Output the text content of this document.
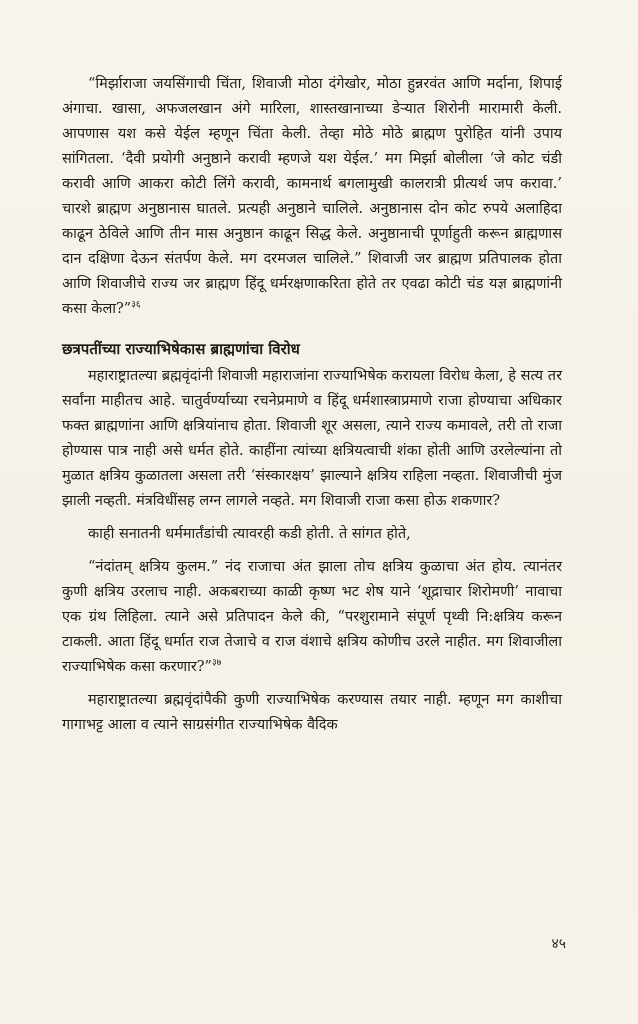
“मिर्झाराजा जयसिंगाची चिंता, शिवाजी मोठा दंगेखोर, मोठा हुन्नरवंत आणि मर्दाना, शिपाई अंगाचा. खासा, अफजलखान अंगे मारिला, शास्तखानाच्या डेऱ्यात शिरोनी मारामारी केली. आपणास यश कसे येईल म्हणून चिंता केली. तेव्हा मोठे मोठे ब्राह्मण पुरोहित यांनी उपाय सांगितला. ‘दैवी प्रयोगी अनुष्ठाने करावी म्हणजे यश येईल.’ मग मिर्झा बोलीला ‘जे कोट चंडी करावी आणि आकरा कोटी लिंगे करावी, कामनार्थ बगलामुखी कालरात्री प्रीत्यर्थ जप करावा.’ चारशे ब्राह्मण अनुष्ठानास घातले. प्रत्यही अनुष्ठाने चालिले. अनुष्ठानास दोन कोट रुपये अलाहिदा काढून ठेविले आणि तीन मास अनुष्ठान काढून सिद्ध केले. अनुष्ठानाची पूर्णाहुती करून ब्राह्मणास दान दक्षिणा देऊन संतर्पण केले. मग दरमजल चालिले.” शिवाजी जर ब्राह्मण प्रतिपालक होता आणि शिवाजीचे राज्य जर ब्राह्मण हिंदू धर्मरक्षणाकरिता होते तर एवढा कोटी चंड यज्ञ ब्राह्मणांनी कसा केला?”$^{३६}$

छत्रपतींच्या राज्याभिषेकास ब्राह्मणांचा विरोध

महाराष्ट्रातल्या ब्रह्मवृंदांनी शिवाजी महाराजांना राज्याभिषेक करायला विरोध केला, हे सत्य तर सर्वांना माहीतच आहे. चातुर्वर्ण्याच्या रचनेप्रमाणे व हिंदू धर्मशास्त्राप्रमाणे राजा होण्याचा अधिकार फक्त ब्राह्मणांना आणि क्षत्रियांनाच होता. शिवाजी शूर असला, त्याने राज्य कमावले, तरी तो राजा होण्यास पात्र नाही असे धर्मत होते. काहींना त्यांच्या क्षत्रियत्वाची शंका होती आणि उरलेल्यांना तो मुळात क्षत्रिय कुळातला असला तरी ‘संस्कारक्षय’ झाल्याने क्षत्रिय राहिला नव्हता. शिवाजीची मुंज झाली नव्हती. मंत्रविधींसह लग्न लागले नव्हते. मग शिवाजी राजा कसा होऊ शकणार?

काही सनातनी धर्ममार्तंडांची त्यावरही कडी होती. ते सांगत होते,

“नंदांतम् क्षत्रिय कुलम.” नंद राजाचा अंत झाला तोच क्षत्रिय कुळाचा अंत होय. त्यानंतर कुणी क्षत्रिय उरलाच नाही. अकबराच्या काळी कृष्ण भट शेष याने ‘शूद्राचार शिरोमणी’ नावाचा एक ग्रंथ लिहिला. त्याने असे प्रतिपादन केले की, “परशुरामाने संपूर्ण पृथ्वी नि:क्षत्रिय करून टाकली. आता हिंदू धर्मात राज तेजाचे व राज वंशाचे क्षत्रिय कोणीच उरले नाहीत. मग शिवाजीला राज्याभिषेक कसा करणार?”$^{३७}$

महाराष्ट्रातल्या ब्रह्मवृंदांपैकी कुणी राज्याभिषेक करण्यास तयार नाही. म्हणून मग काशीचा गागाभट्ट आला व त्याने साग्रसंगीत राज्याभिषेक वैदिक

४५
